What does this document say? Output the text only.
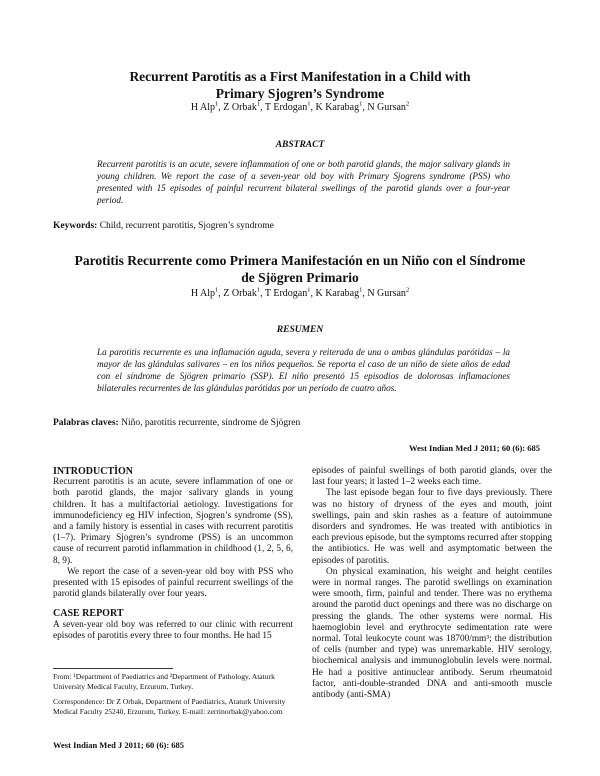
Recurrent Parotitis as a First Manifestation in a Child with
Primary Sjogren’s Syndrome
H Alp$^1$, Z Orbak$^1$, T Erdogan$^1$, K Karabag$^1$, N Gursan$^2$
ABSTRACT
Recurrent parotitis is an acute, severe inflammation of one or both parotid glands, the major salivary glands in young children. We report the case of a seven-year old boy with Primary Sjogrens syndrome (PSS) who presented with 15 episodes of painful recurrent bilateral swellings of the parotid glands over a four-year period.
Keywords: Child, recurrent parotitis, Sjogren’s syndrome
Parotitis Recurrente como Primera Manifestación en un Niño con el Síndrome
de Sjögren Primario
H Alp$^1$, Z Orbak$^1$, T Erdogan$^1$, K Karabag$^1$, N Gursan$^2$
RESUMEN
La parotitis recurrente es una inflamación aguda, severa y reiterada de una o ambas glándulas parótidas – la mayor de las glándulas salivares – en los niños pequeños. Se reporta el caso de un niño de siete años de edad con el síndrome de Sjögren primario (SSP). El niño presentó 15 episodios de dolorosas inflamaciones bilaterales recurrentes de las glándulas parótidas por un período de cuatro años.
Palabras claves: Niño, parotitis recurrente, síndrome de Sjögren
West Indian Med J 2011; 60 (6): 685
INTRODUCTİON

Recurrent parotitis is an acute, severe inflammation of one or both parotid glands, the major salivary glands in young children. It has a multifactorial aetiology. Investigations for immunodeficiency eg HIV infection, Sjogren’s syndrome (SS), and a family history is essential in cases with recurrent parotitis (1–7). Primary Sjogren’s syndrome (PSS) is an uncommon cause of recurrent parotid inflammation in childhood (1, 2, 5, 6, 8, 9).

We report the case of a seven-year old boy with PSS who presented with 15 episodes of painful recurrent swellings of the parotid glands bilaterally over four years.

CASE REPORT

A seven-year old boy was referred to our clinic with recurrent episodes of parotitis every three to four months. He had 15

From: ¹Department of Paediatrics and ²Department of Pathology, Ataturk University Medical Faculty, Erzurum, Turkey.
Correspondence: Dr Z Orbak, Department of Paediatrics, Ataturk University Medical Faculty 25240, Erzurum, Turkey. E-mail: zerrinorbak@yahoo.com

episodes of painful swellings of both parotid glands, over the last four years; it lasted 1–2 weeks each time.

The last episode began four to five days previously. There was no history of dryness of the eyes and mouth, joint swellings, pain and skin rashes as a feature of autoimmune disorders and syndromes. He was treated with antibiotics in each previous episode, but the symptoms recurred after stopping the antibiotics. He was well and asymptomatic between the episodes of parotitis.

On physical examination, his weight and height centiles were in normal ranges. The parotid swellings on examination were smooth, firm, painful and tender. There was no erythema around the parotid duct openings and there was no discharge on pressing the glands. The other systems were normal. His haemoglobin level and erythrocyte sedimentation rate were normal. Total leukocyte count was 18700/mm³; the distribution of cells (number and type) was unremarkable. HIV serology, biochemical analysis and immunoglobulin levels were normal. He had a positive antinuclear antibody. Serum rheumatoid factor, anti-double-stranded DNA and anti-smooth muscle antibody (anti-SMA)

West Indian Med J 2011; 60 (6): 685
